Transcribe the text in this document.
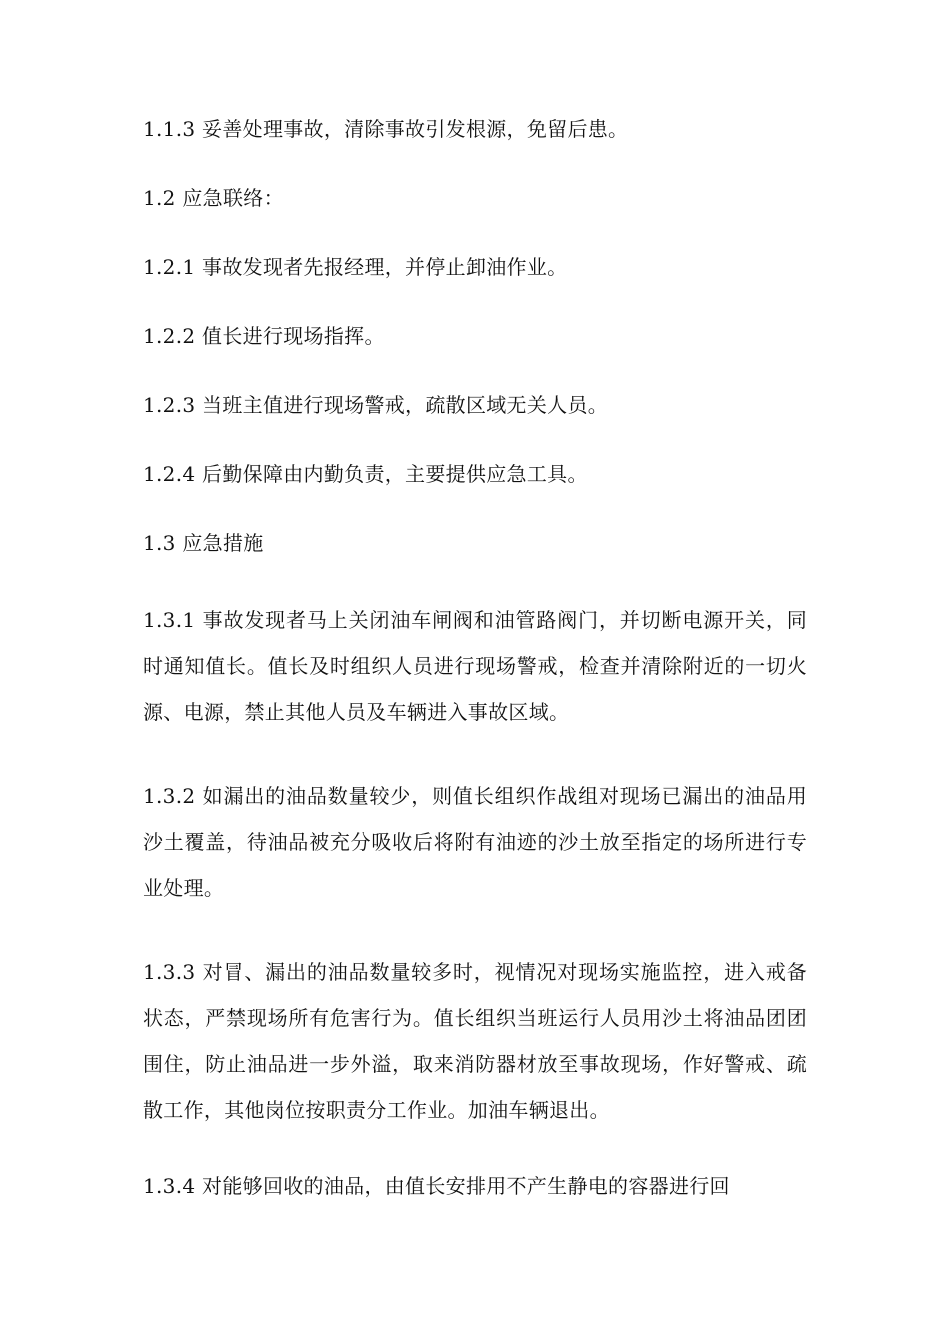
1.1.3 妥善处理事故，清除事故引发根源，免留后患。

1.2 应急联络：

1.2.1 事故发现者先报经理，并停止卸油作业。

1.2.2 值长进行现场指挥。

1.2.3 当班主值进行现场警戒，疏散区域无关人员。

1.2.4 后勤保障由内勤负责，主要提供应急工具。

1.3 应急措施

1.3.1 事故发现者马上关闭油车闸阀和油管路阀门，并切断电源开关，同时通知值长。值长及时组织人员进行现场警戒，检查并清除附近的一切火源、电源，禁止其他人员及车辆进入事故区域。

1.3.2 如漏出的油品数量较少，则值长组织作战组对现场已漏出的油品用沙土覆盖，待油品被充分吸收后将附有油迹的沙土放至指定的场所进行专业处理。

1.3.3 对冒、漏出的油品数量较多时，视情况对现场实施监控，进入戒备状态，严禁现场所有危害行为。值长组织当班运行人员用沙土将油品团团围住，防止油品进一步外溢，取来消防器材放至事故现场，作好警戒、疏散工作，其他岗位按职责分工作业。加油车辆退出。

1.3.4 对能够回收的油品，由值长安排用不产生静电的容器进行回
